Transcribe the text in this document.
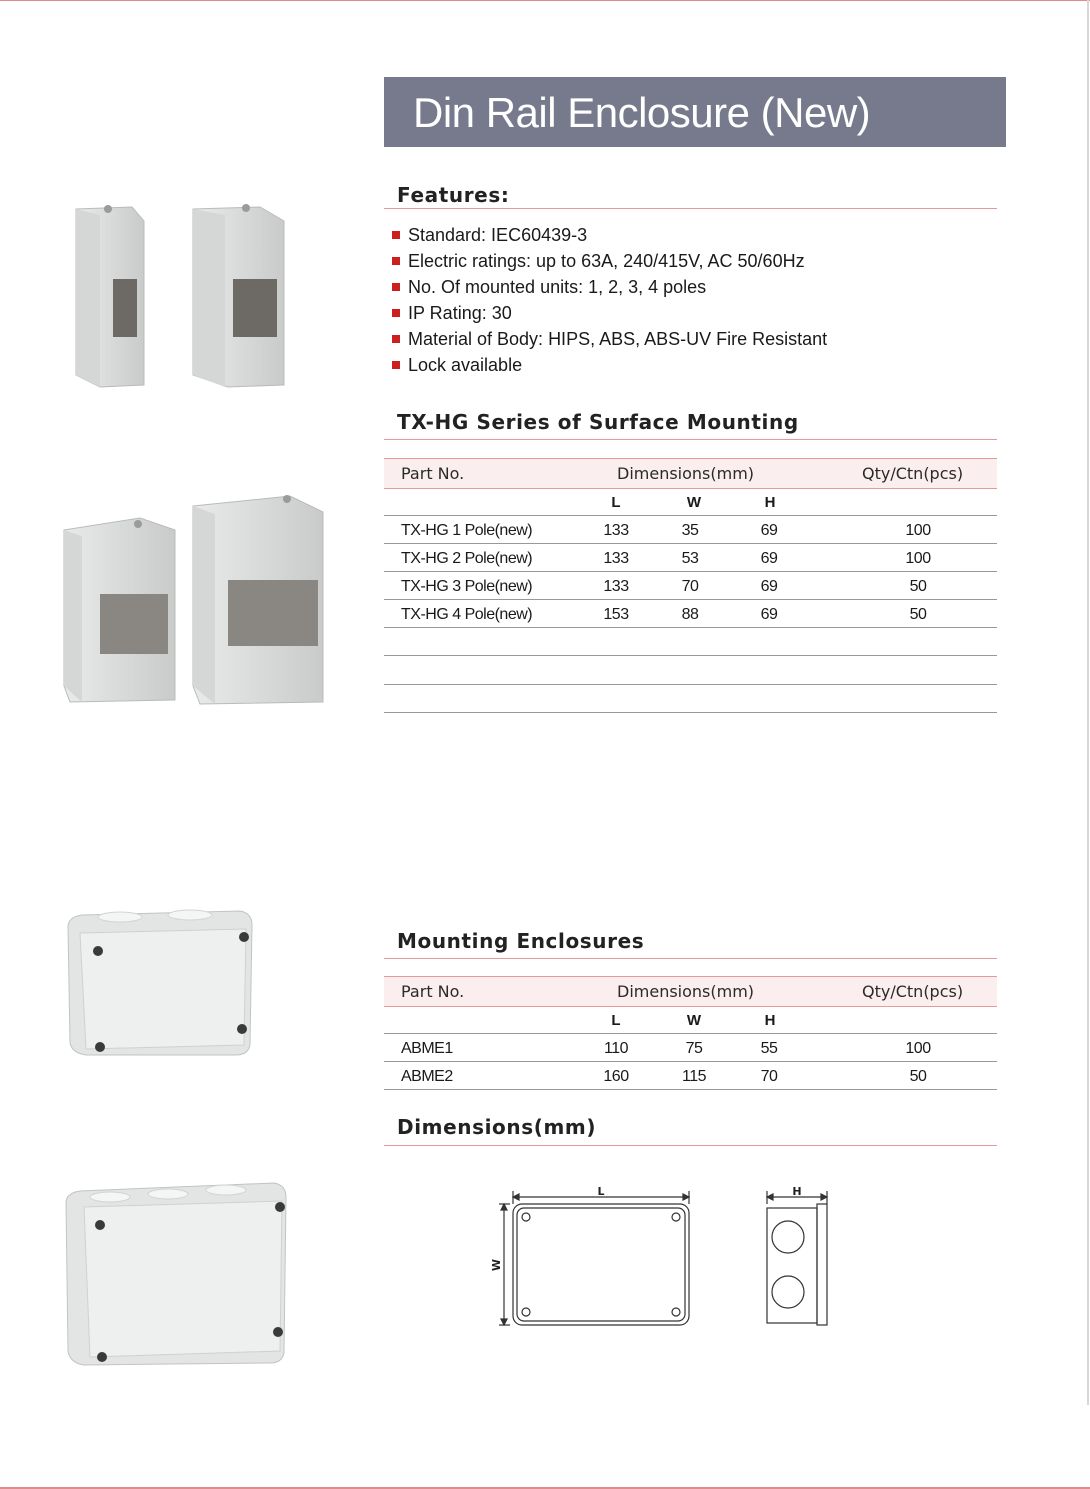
Din Rail Enclosure (New)
Features:
Standard: IEC60439-3
Electric ratings: up to 63A, 240/415V, AC 50/60Hz
No. Of mounted units: 1, 2, 3, 4 poles
IP Rating: 30
Material of Body: HIPS, ABS, ABS-UV Fire Resistant
Lock available
TX-HG Series of Surface Mounting
Part No.	Dimensions(mm)	Qty/Ctn(pcs)
L	W	H
TX-HG 1 Pole(new)	133	35	69	100
TX-HG 2 Pole(new)	133	53	69	100
TX-HG 3 Pole(new)	133	70	69	50
TX-HG 4 Pole(new)	153	88	69	50
Mounting Enclosures
Part No.	Dimensions(mm)	Qty/Ctn(pcs)
L	W	H
ABME1	110	75	55	100
ABME2	160	115	70	50
Dimensions(mm)
L
W
H
